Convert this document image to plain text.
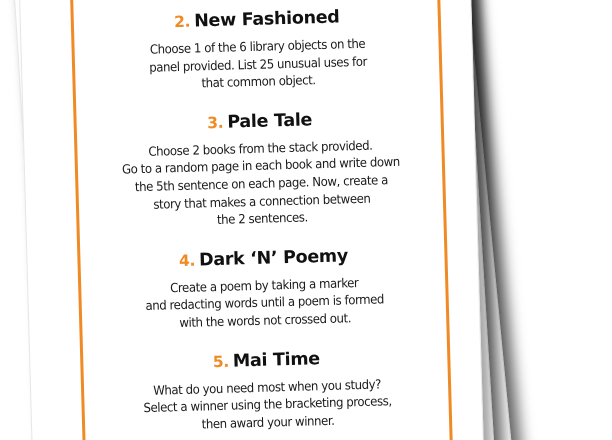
2. New Fashioned
Choose 1 of the 6 library objects on the
panel provided. List 25 unusual uses for
that common object.
3. Pale Tale
Choose 2 books from the stack provided.
Go to a random page in each book and write down
the 5th sentence on each page. Now, create a
story that makes a connection between
the 2 sentences.
4. Dark ‘N’ Poemy
Create a poem by taking a marker
and redacting words until a poem is formed
with the words not crossed out.
5. Mai Time
What do you need most when you study?
Select a winner using the bracketing process,
then award your winner.
